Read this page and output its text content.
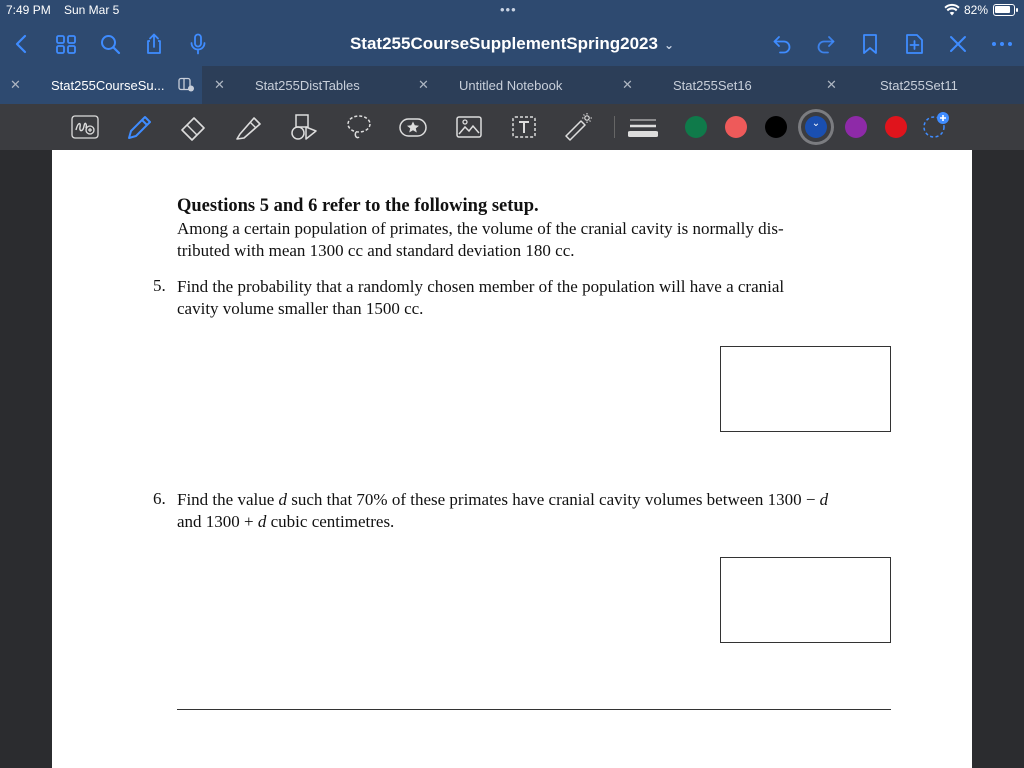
7:49 PM Sun Mar 5	•••	82%
Stat255CourseSupplementSpring2023 ⌄
✕ Stat255CourseSu...	✕ Stat255DistTables	✕ Untitled Notebook	✕	Stat255Set16	✕	Stat255Set11
⌄
Questions 5 and 6 refer to the following setup.
Among a certain population of primates, the volume of the cranial cavity is normally dis-
tributed with mean 1300 cc and standard deviation 180 cc.
5. Find the probability that a randomly chosen member of the population will have a cranial
cavity volume smaller than 1500 cc.
6. Find the value d such that 70% of these primates have cranial cavity volumes between 1300 − d
and 1300 + d cubic centimetres.
